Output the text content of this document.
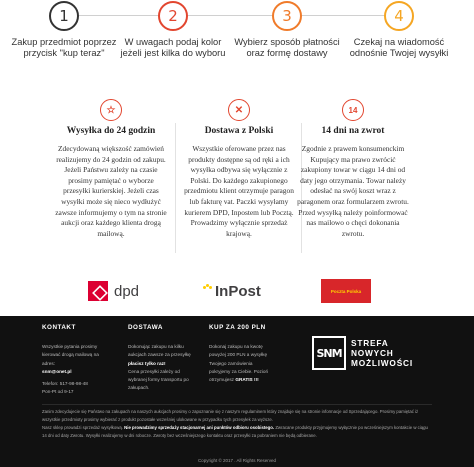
1
Zakup przedmiot poprzez przycisk "kup teraz"
2
W uwagach podaj kolor jeżeli jest kilka do wyboru
3
Wybierz sposób płatności oraz formę dostawy
4
Czekaj na wiadomość odnośnie Twojej wysyłki
☆
Wysyłka do 24 godzin
Zdecydowaną większość zamówień realizujemy do 24 godzin od zakupu. Jeżeli Państwu zależy na czasie prosimy pamiętać o wyborze przesyłki kurierskiej. Jeżeli czas wysyłki może się nieco wydłużyć zawsze informujemy o tym na stronie aukcji oraz każdego klienta drogą mailową.
✕
Dostawa z Polski
Wszystkie oferowane przez nas produkty dostępne są od ręki a ich wysyłka odbywa się wyłącznie z Polski. Do każdego zakupionego przedmiotu klient otrzymuje paragon lub fakturę vat. Paczki wysyłamy kurierem DPD, Inpostem lub Pocztą. Prowadzimy wyłącznie sprzedaż krajową.
14
14 dni na zwrot
Zgodnie z prawem konsumenckim Kupujący ma prawo zwrócić zakupiony towar w ciągu 14 dni od daty jego otrzymania. Towar należy odesłać na swój koszt wraz z paragonem oraz formularzem zwrotu. Przed wysyłką należy poinformować nas mailowo o chęci dokonania zwrotu.
dpd	InPost	Poczta Polska
KONTAKT
Wszystkie pytania prosimy kierować drogą mailową na adres:
snm@onet.pl
Telefon: 517-98-98-48
Pon-Pt od 9-17
DOSTAWA
Dokonując zakupu na kilku aukcjach zawsze za przesyłkę płacisz tylko raz!
Cena przesyłki zależy od wybranej formy transportu po zakupach.
KUP ZA 200 PLN
Dokonaj zakupu na kwotę powyżej 200 PLN a wysyłkę Twojego zamówienia pokryjemy za Ciebie. Pozioń otrzymujesz GRATIS !!!
SNM
STREFA
NOWYCH
MOŻLIWOŚCI
Zanim zdecydujecie się Państwo na zakupach na naszych aukcjach prosimy o zapoznanie się z naszym regulaminem który znajduje się na stronie informacje od Sprzedającego. Prosimy pamiętać iż wszystkie przedmioty prosimy wybierać z produkt pozostałe wcześniej ulokowane w przypadku tych przesyłek za wyższe.
Nasz sklep prowadzi sprzedaż wysyłkową. Nie prowadzimy sprzedaży stacjonarnej ani punktów odbioru osobistego. Zwracane produkty przyjmujemy wyłącznie po wcześniejszym kontakcie w ciągu 14 dni od daty Zwrotu. Wysyłki realizujemy w dni robocze. Zwroty bez wcześniejszego kontaktu oraz przesyłki za pobraniem nie będą odbierane.
Copyright © 2017 . All Rights Reserved
